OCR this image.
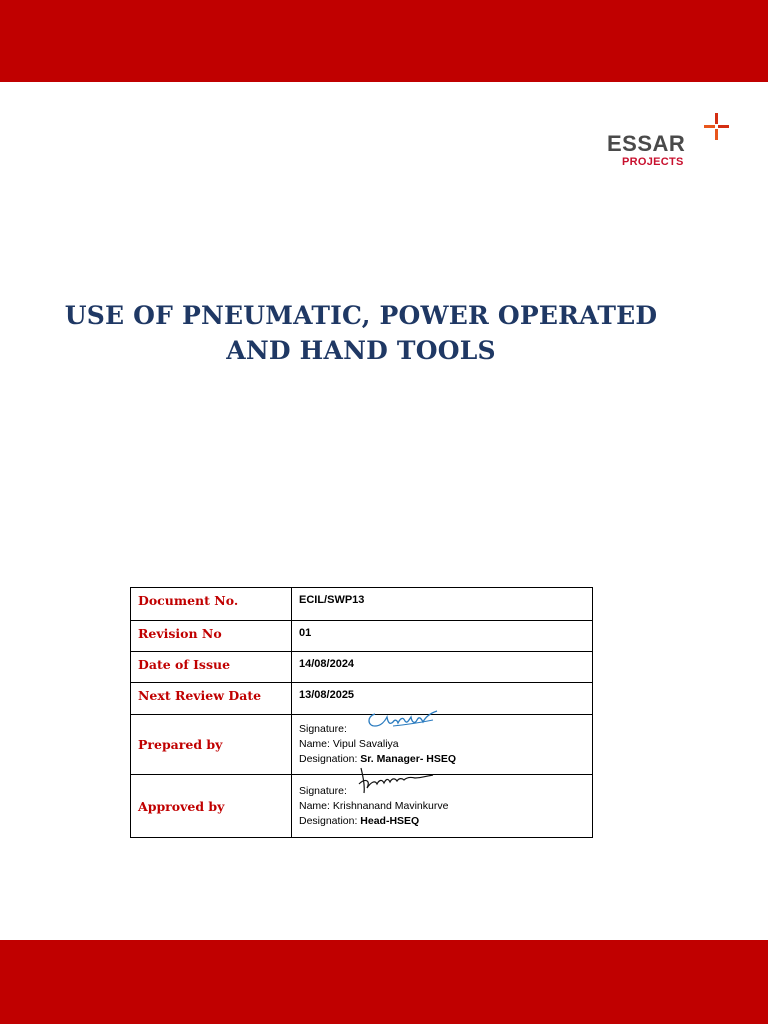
ESSAR
PROJECTS
USE OF PNEUMATIC, POWER OPERATED
AND HAND TOOLS
Document No.	ECIL/SWP13
Revision No	01
Date of Issue	14/08/2024
Next Review Date	13/08/2025
Prepared by	Signature:
Name: Vipul Savaliya
Designation: Sr. Manager- HSEQ

Approved by	Signature:
Name: Krishnanand Mavinkurve
Designation: Head-HSEQ
